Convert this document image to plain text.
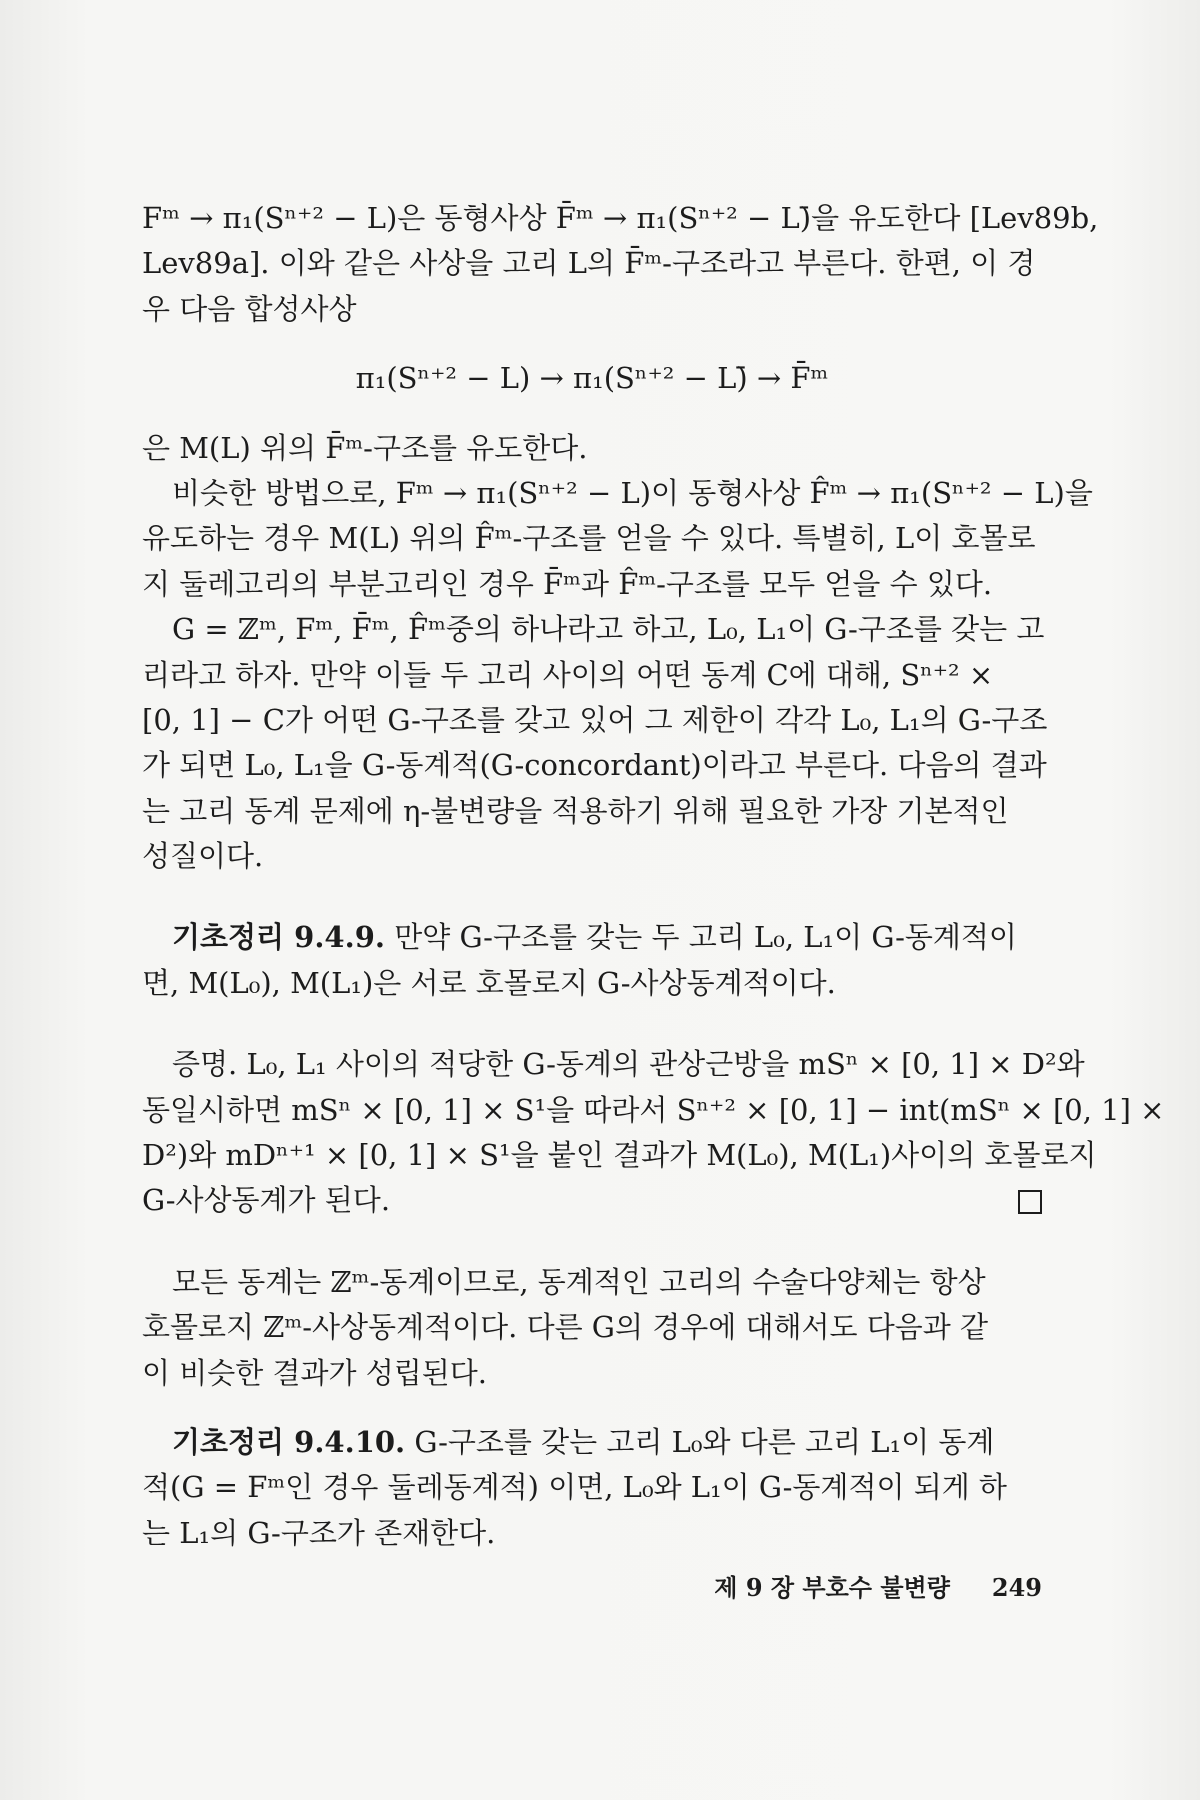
Fᵐ → π₁(Sⁿ⁺² − L)은 동형사상 F̄ᵐ → π₁(Sⁿ⁺² − L)̄을 유도한다 [Lev89b,
Lev89a]. 이와 같은 사상을 고리 L의 F̄ᵐ-구조라고 부른다. 한편, 이 경
우 다음 합성사상
π₁(Sⁿ⁺² − L) → π₁(Sⁿ⁺² − L)̄ → F̄ᵐ
은 M(L) 위의 F̄ᵐ-구조를 유도한다.
비슷한 방법으로, Fᵐ → π₁(Sⁿ⁺² − L)이 동형사상 F̂ᵐ → π₁(Sⁿ⁺² − L)을
유도하는 경우 M(L) 위의 F̂ᵐ-구조를 얻을 수 있다. 특별히, L이 호몰로
지 둘레고리의 부분고리인 경우 F̄ᵐ과 F̂ᵐ-구조를 모두 얻을 수 있다.
G = ℤᵐ, Fᵐ, F̄ᵐ, F̂ᵐ중의 하나라고 하고, L₀, L₁이 G-구조를 갖는 고
리라고 하자. 만약 이들 두 고리 사이의 어떤 동계 C에 대해, Sⁿ⁺² ×
[0, 1] − C가 어떤 G-구조를 갖고 있어 그 제한이 각각 L₀, L₁의 G-구조
가 되면 L₀, L₁을 G-동계적(G-concordant)이라고 부른다. 다음의 결과
는 고리 동계 문제에 η-불변량을 적용하기 위해 필요한 가장 기본적인
성질이다.
기초정리 9.4.9. 만약 G-구조를 갖는 두 고리 L₀, L₁이 G-동계적이
면, M(L₀), M(L₁)은 서로 호몰로지 G-사상동계적이다.
증명. L₀, L₁ 사이의 적당한 G-동계의 관상근방을 mSⁿ × [0, 1] × D²와
동일시하면 mSⁿ × [0, 1] × S¹을 따라서 Sⁿ⁺² × [0, 1] − int(mSⁿ × [0, 1] ×
D²)와 mDⁿ⁺¹ × [0, 1] × S¹을 붙인 결과가 M(L₀), M(L₁)사이의 호몰로지
G-사상동계가 된다.
모든 동계는 ℤᵐ-동계이므로, 동계적인 고리의 수술다양체는 항상
호몰로지 ℤᵐ-사상동계적이다. 다른 G의 경우에 대해서도 다음과 같
이 비슷한 결과가 성립된다.
기초정리 9.4.10. G-구조를 갖는 고리 L₀와 다른 고리 L₁이 동계
적(G = Fᵐ인 경우 둘레동계적) 이면, L₀와 L₁이 G-동계적이 되게 하
는 L₁의 G-구조가 존재한다.
제 9 장 부호수 불변량 249
